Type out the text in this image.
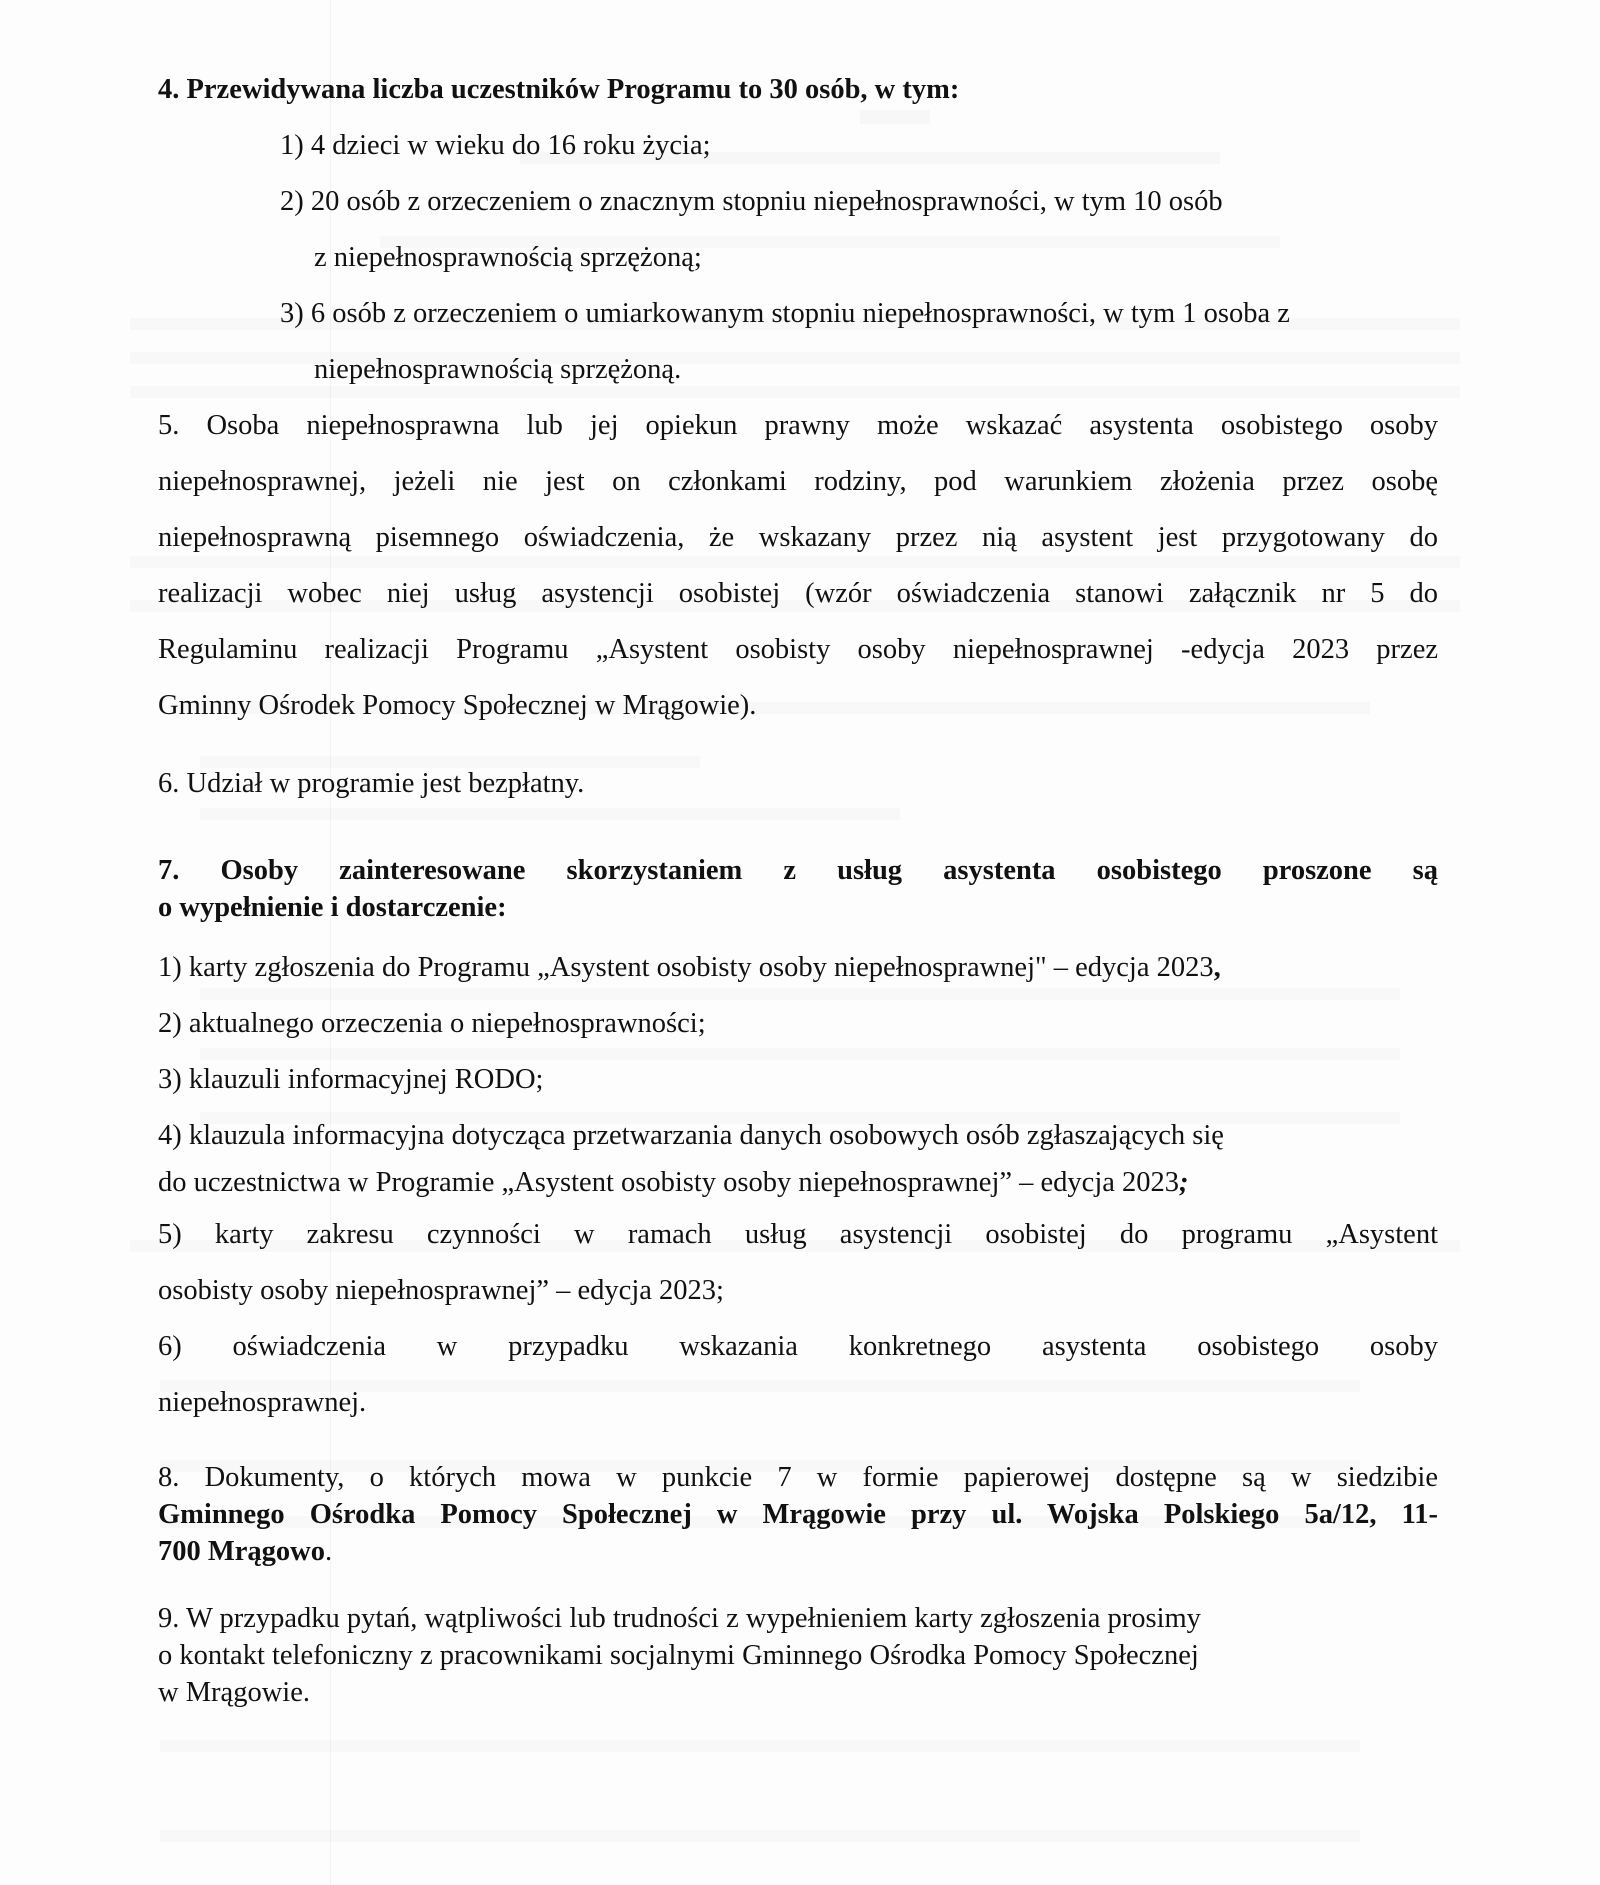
4. Przewidywana liczba uczestników Programu to 30 osób, w tym:

1) 4 dzieci w wieku do 16 roku życia;

2) 20 osób z orzeczeniem o znacznym stopniu niepełnosprawności, w tym 10 osób

z niepełnosprawnością sprzężoną;

3) 6 osób z orzeczeniem o umiarkowanym stopniu niepełnosprawności, w tym 1 osoba z

niepełnosprawnością sprzężoną.

5. Osoba niepełnosprawna lub jej opiekun prawny może wskazać asystenta osobistego osoby

niepełnosprawnej, jeżeli nie jest on członkami rodziny, pod warunkiem złożenia przez osobę

niepełnosprawną pisemnego oświadczenia, że wskazany przez nią asystent jest przygotowany do

realizacji wobec niej usług asystencji osobistej (wzór oświadczenia stanowi załącznik nr 5 do

Regulaminu realizacji Programu „Asystent osobisty osoby niepełnosprawnej -edycja 2023 przez

Gminny Ośrodek Pomocy Społecznej w Mrągowie).

6. Udział w programie jest bezpłatny.

7. Osoby zainteresowane skorzystaniem z usług asystenta osobistego proszone są

o wypełnienie i dostarczenie:

1) karty zgłoszenia do Programu „Asystent osobisty osoby niepełnosprawnej" – edycja 2023,

2) aktualnego orzeczenia o niepełnosprawności;

3) klauzuli informacyjnej RODO;

4) klauzula informacyjna dotycząca przetwarzania danych osobowych osób zgłaszających się

do uczestnictwa w Programie „Asystent osobisty osoby niepełnosprawnej” – edycja 2023;

5) karty zakresu czynności w ramach usług asystencji osobistej do programu „Asystent

osobisty osoby niepełnosprawnej” – edycja 2023;

6) oświadczenia w przypadku wskazania konkretnego asystenta osobistego osoby

niepełnosprawnej.

8. Dokumenty, o których mowa w punkcie 7 w formie papierowej dostępne są w siedzibie

Gminnego Ośrodka Pomocy Społecznej w Mrągowie przy ul. Wojska Polskiego 5a/12, 11-

700 Mrągowo.

9. W przypadku pytań, wątpliwości lub trudności z wypełnieniem karty zgłoszenia prosimy

o kontakt telefoniczny z pracownikami socjalnymi Gminnego Ośrodka Pomocy Społecznej

w Mrągowie.
